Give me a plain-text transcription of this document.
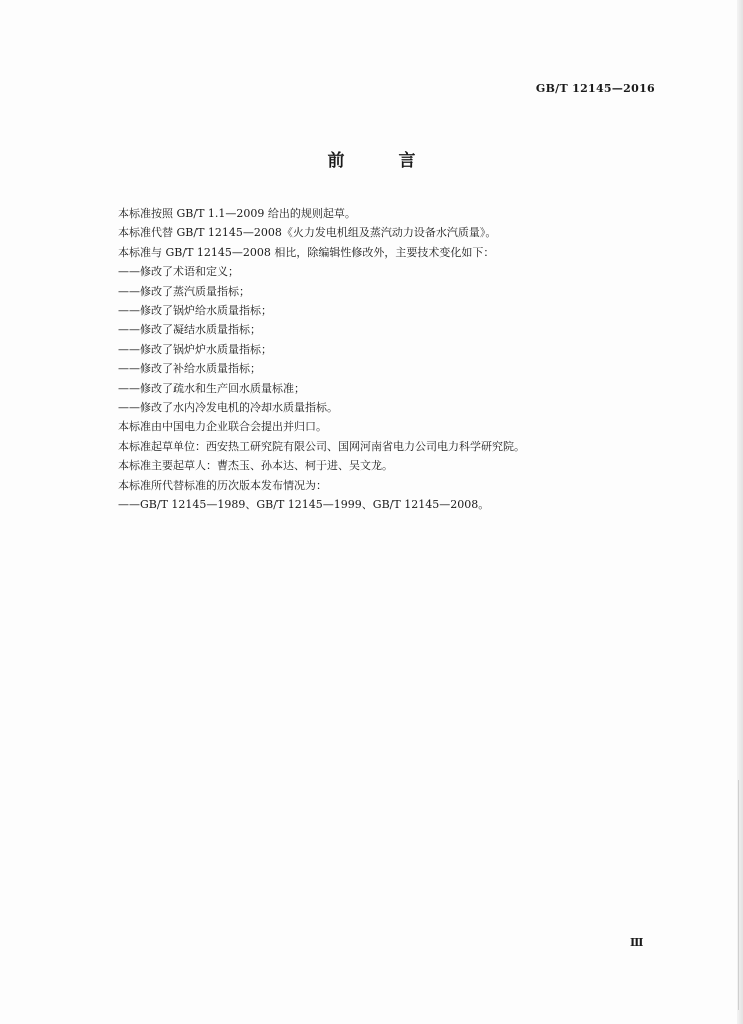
GB/T 12145—2016
前 言
本标准按照 GB/T 1.1—2009 给出的规则起草。
本标准代替 GB/T 12145—2008《火力发电机组及蒸汽动力设备水汽质量》。
本标准与 GB/T 12145—2008 相比，除编辑性修改外，主要技术变化如下：
——修改了术语和定义；
——修改了蒸汽质量指标；
——修改了锅炉给水质量指标；
——修改了凝结水质量指标；
——修改了锅炉炉水质量指标；
——修改了补给水质量指标；
——修改了疏水和生产回水质量标准；
——修改了水内冷发电机的冷却水质量指标。
本标准由中国电力企业联合会提出并归口。
本标准起草单位：西安热工研究院有限公司、国网河南省电力公司电力科学研究院。
本标准主要起草人：曹杰玉、孙本达、柯于进、吴文龙。
本标准所代替标准的历次版本发布情况为：
——GB/T 12145—1989、GB/T 12145—1999、GB/T 12145—2008。
Ⅲ
